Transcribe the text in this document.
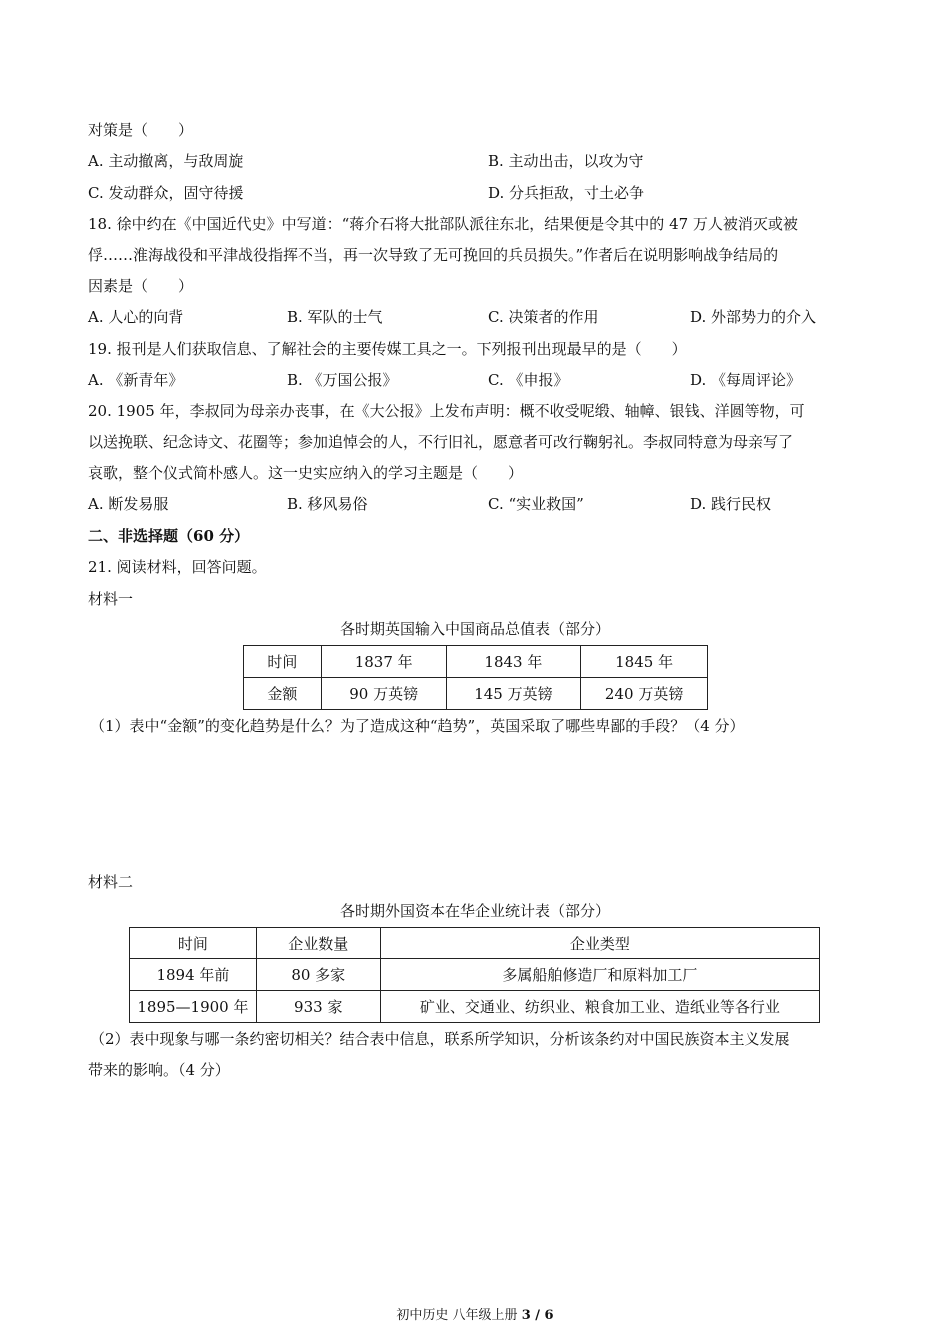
对策是（　　）
A. 主动撤离，与敌周旋	B. 主动出击，以攻为守
C. 发动群众，固守待援	D. 分兵拒敌，寸土必争
18. 徐中约在《中国近代史》中写道：“蒋介石将大批部队派往东北，结果便是令其中的 47 万人被消灭或被
俘……淮海战役和平津战役指挥不当，再一次导致了无可挽回的兵员损失。”作者后在说明影响战争结局的
因素是（　　）
A. 人心的向背	B. 军队的士气	C. 决策者的作用	D. 外部势力的介入
19. 报刊是人们获取信息、了解社会的主要传媒工具之一。下列报刊出现最早的是（　　）
A. 《新青年》	B. 《万国公报》	C. 《申报》	D. 《每周评论》
20. 1905 年，李叔同为母亲办丧事，在《大公报》上发布声明：概不收受呢缎、轴幛、银钱、洋圆等物，可
以送挽联、纪念诗文、花圈等；参加追悼会的人，不行旧礼，愿意者可改行鞠躬礼。李叔同特意为母亲写了
哀歌，整个仪式简朴感人。这一史实应纳入的学习主题是（　　）
A. 断发易服	B. 移风易俗	C. “实业救国”	D. 践行民权
二、非选择题（60 分）
21. 阅读材料，回答问题。
材料一
各时期英国输入中国商品总值表（部分）
时间	1837 年	1843 年	1845 年
金额	90 万英镑	145 万英镑	240 万英镑
（1）表中“金额”的变化趋势是什么？为了造成这种“趋势”，英国采取了哪些卑鄙的手段？（4 分）
材料二
各时期外国资本在华企业统计表（部分）
时间	企业数量	企业类型
1894 年前	80 多家	多属船舶修造厂和原料加工厂
1895—1900 年	933 家	矿业、交通业、纺织业、粮食加工业、造纸业等各行业
（2）表中现象与哪一条约密切相关？结合表中信息，联系所学知识，分析该条约对中国民族资本主义发展
带来的影响。（4 分）
初中历史 八年级上册 3 / 6
